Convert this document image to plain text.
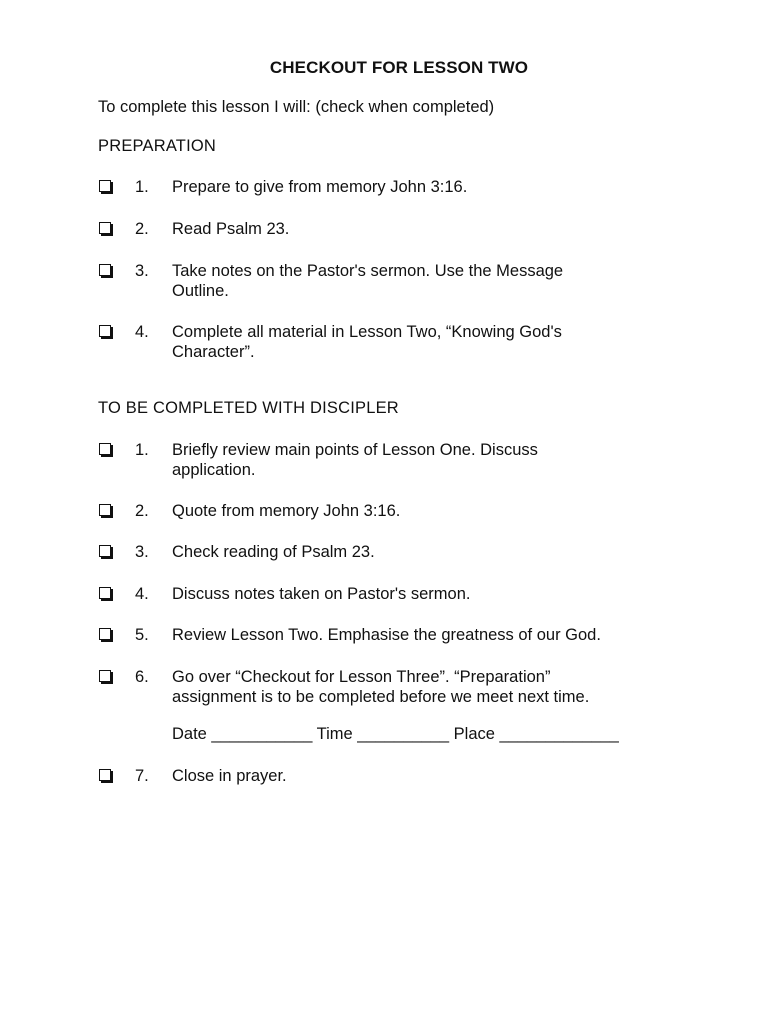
CHECKOUT FOR LESSON TWO
To complete this lesson I will: (check when completed)
PREPARATION
1. Prepare to give from memory John 3:16.
2. Read Psalm 23.
3. Take notes on the Pastor's sermon. Use the Message
Outline.
4. Complete all material in Lesson Two, “Knowing God's
Character”.
TO BE COMPLETED WITH DISCIPLER
1. Briefly review main points of Lesson One. Discuss
application.
2. Quote from memory John 3:16.
3. Check reading of Psalm 23.
4. Discuss notes taken on Pastor's sermon.
5. Review Lesson Two. Emphasise the greatness of our God.
6. Go over “Checkout for Lesson Three”. “Preparation”
assignment is to be completed before we meet next time.
Date ___________ Time __________ Place _____________
7. Close in prayer.
